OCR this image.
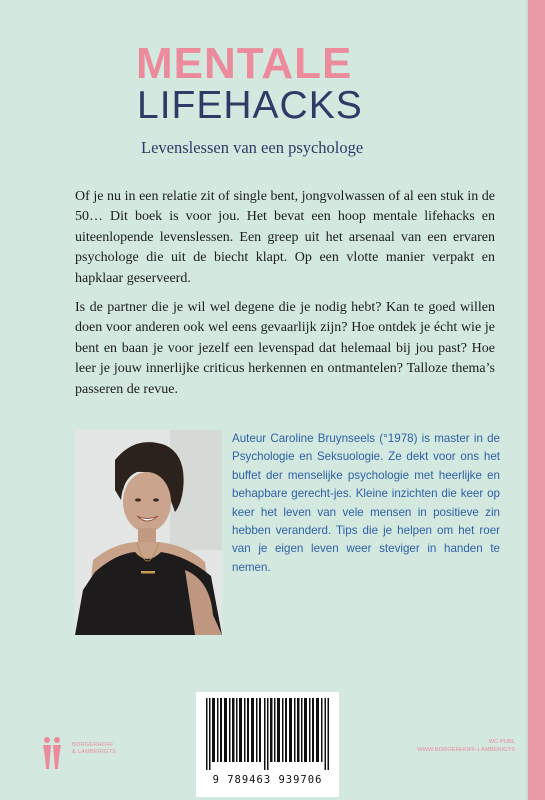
MENTALE
LIFEHACKS
Levenslessen van een psychologe

Of je nu in een relatie zit of single bent, jongvolwassen of al een stuk in de 50… Dit boek is voor jou. Het bevat een hoop mentale lifehacks en uiteenlopende levenslessen. Een greep uit het arsenaal van een ervaren psychologe die uit de biecht klapt. Op een vlotte manier verpakt en hapklaar geserveerd.

Is de partner die je wil wel degene die je nodig hebt? Kan te goed willen doen voor anderen ook wel eens gevaarlijk zijn? Hoe ontdek je écht wie je bent en baan je voor jezelf een levenspad dat helemaal bij jou past? Hoe leer je jouw innerlijke criticus herkennen en ontmantelen? Talloze thema’s passeren de revue.

Auteur Caroline Bruynseels (°1978) is master in de Psychologie en Seksuologie. Ze dekt voor ons het buffet der menselijke psychologie met heerlijke en behapbare gerecht-jes. Kleine inzichten die keer op keer het leven van vele mensen in positieve zin hebben veranderd. Tips die je helpen om het roer van je eigen leven weer steviger in handen te nemen.

9 789463 939706
BORGERHOFF
& LAMBERIGTS
WC PUBL
WWW.BORGERHOFF-LAMBERIGTS
